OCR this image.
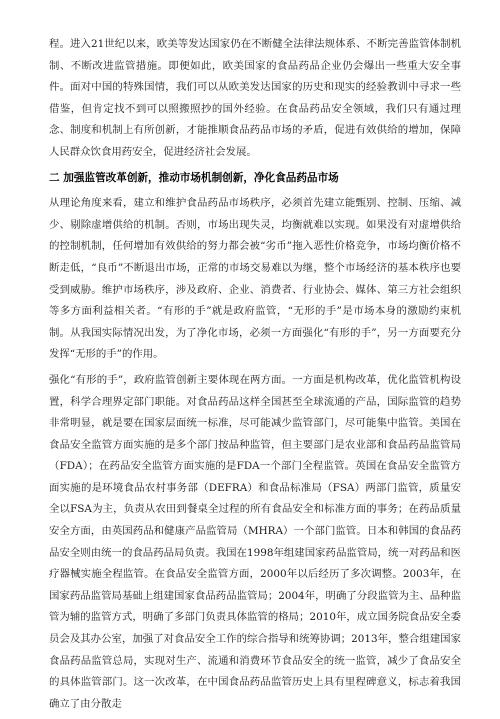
程。进入21世纪以来，欧美等发达国家仍在不断健全法律法规体系、不断完善监管体制机制、不断改进监管措施。即便如此，欧美国家的食品药品企业仍会爆出一些重大安全事件。面对中国的特殊国情，我们可以从欧美发达国家的历史和现实的经验教训中寻求一些借鉴，但肯定找不到可以照搬照抄的国外经验。在食品药品安全领域，我们只有通过理念、制度和机制上有所创新，才能推顺食品药品市场的矛盾，促进有效供给的增加，保障人民群众饮食用药安全，促进经济社会发展。

二 加强监管改革创新，推动市场机制创新，净化食品药品市场

从理论角度来看，建立和维护食品药品市场秩序，必须首先建立能甄别、控制、压缩、减少、剔除虚增供给的机制。否则，市场出现失灵，均衡就难以实现。如果没有对虚增供给的控制机制，任何增加有效供给的努力都会被“劣币”拖入恶性价格竞争，市场均衡价格不断走低，“良币”不断退出市场，正常的市场交易难以为继，整个市场经济的基本秩序也要受到威胁。维护市场秩序，涉及政府、企业、消费者、行业协会、媒体、第三方社会组织等多方面利益相关者。“有形的手”就是政府监管，“无形的手”是市场本身的激励约束机制。从我国实际情况出发，为了净化市场，必须一方面强化“有形的手”，另一方面要充分发挥“无形的手”的作用。

强化“有形的手”，政府监管创新主要体现在两方面。一方面是机构改革，优化监管机构设置，科学合理界定部门职能。对食品药品这样全国甚至全球流通的产品，国际监管的趋势非常明显，就是要在国家层面统一标准，尽可能减少监管部门，尽可能集中监管。美国在食品安全监管方面实施的是多个部门按品种监管，但主要部门是农业部和食品药品监管局（FDA）；在药品安全监管方面实施的是FDA一个部门全程监管。英国在食品安全监管方面实施的是环境食品农村事务部（DEFRA）和食品标准局（FSA）两部门监管，质量安全以FSA为主，负责从农田到餐桌全过程的所有食品安全和标准方面的事务；在药品质量安全方面，由英国药品和健康产品监管局（MHRA）一个部门监管。日本和韩国的食品药品安全则由统一的食品药品局负责。我国在1998年组建国家药品监管局，统一对药品和医疗器械实施全程监管。在食品安全监管方面，2000年以后经历了多次调整。2003年，在国家药品监管局基础上组建国家食品药品监管局；2004年，明确了分段监管为主、品种监管为辅的监管方式，明确了多部门负责具体监管的格局；2010年，成立国务院食品安全委员会及其办公室，加强了对食品安全工作的综合指导和统筹协调；2013年，整合组建国家食品药品监管总局，实现对生产、流通和消费环节食品安全的统一监管，减少了食品安全的具体监管部门。这一次改革，在中国食品药品监管历史上具有里程碑意义，标志着我国确立了由分散走
